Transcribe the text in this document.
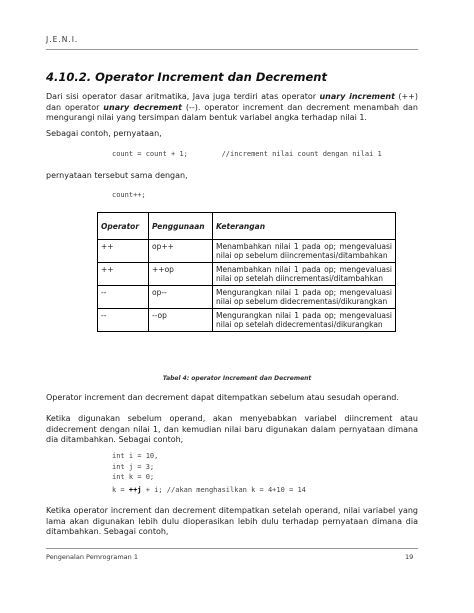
J.E.N.I.
4.10.2. Operator Increment dan Decrement
Dari sisi operator dasar aritmatika, Java juga terdiri atas operator unary increment (++) dan operator unary decrement (--). operator increment dan decrement menambah dan mengurangi nilai yang tersimpan dalam bentuk variabel angka terhadap nilai 1.
Sebagai contoh, pernyataan,
count = count + 1;        //increment nilai count dengan nilai 1
pernyataan tersebut sama dengan,
count++;
Operator	Penggunaan	Keterangan
++	op++	Menambahkan nilai 1 pada op; mengevaluasi nilai op sebelum diincrementasi/ditambahkan
++	++op	Menambahkan nilai 1 pada op; mengevaluasi nilai op setelah diincrementasi/ditambahkan
--	op--	Mengurangkan nilai 1 pada op; mengevaluasi nilai op sebelum didecrementasi/dikurangkan
--	--op	Mengurangkan nilai 1 pada op; mengevaluasi nilai op setelah didecrementasi/dikurangkan
Tabel 4: operator Increment dan Decrement
Operator increment dan decrement dapat ditempatkan sebelum atau sesudah operand.
Ketika digunakan sebelum operand, akan menyebabkan variabel diincrement atau didecrement dengan nilai 1, dan kemudian nilai baru digunakan dalam pernyataan dimana dia ditambahkan. Sebagai contoh,
int i = 10,
int j = 3;
int k = 0;
k = ++j + i; //akan menghasilkan k = 4+10 = 14
Ketika operator increment dan decrement ditempatkan setelah operand, nilai variabel yang lama akan digunakan lebih dulu dioperasikan lebih dulu terhadap pernyataan dimana dia ditambahkan. Sebagai contoh,
Pengenalan Pemrograman 1	19
